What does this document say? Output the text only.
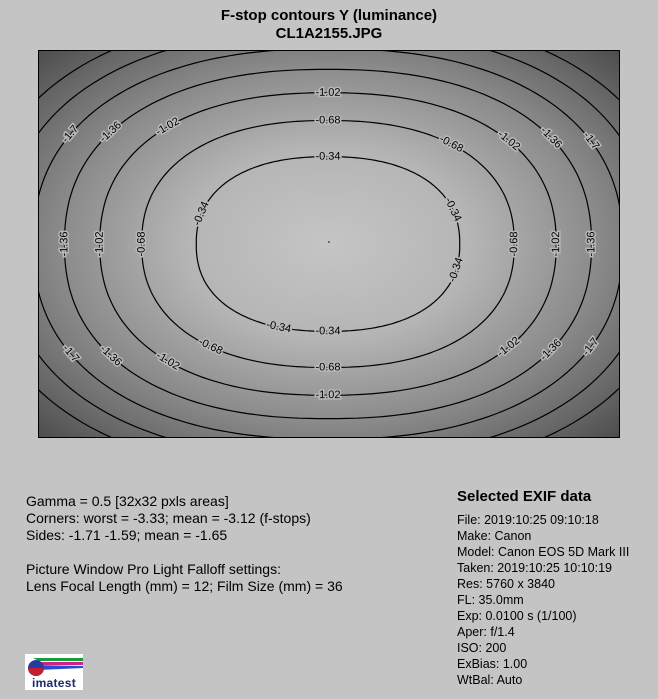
F-stop contours Y (luminance)
CL1A2155.JPG
-0.34
-0.34
-0.34
-0.34	-0.34
-0.34
-0.68
-0.68
-0.68
-0.68
-0.68
-0.68
-1.02
-1.02
-1.02
-1.02
-1.02
-1.02
-1.02
-1.02
-1.36	-1.36
-1.36
-1.36
-1.36
-1.36
-1.7
-1.7
-1.7
-1.7
Gamma = 0.5 [32x32 pxls areas]
Corners: worst = -3.33; mean = -3.12 (f-stops)
Sides: -1.71 -1.59; mean = -1.65
Picture Window Pro Light Falloff settings:
Lens Focal Length (mm) = 12; Film Size (mm) = 36
Selected EXIF data
File: 2019:10:25 09:10:18
Make: Canon
Model: Canon EOS 5D Mark III
Taken: 2019:10:25 10:10:19
Res: 5760 x 3840
FL: 35.0mm
Exp: 0.0100 s (1/100)
Aper: f/1.4
ISO: 200
ExBias: 1.00
WtBal: Auto
imatest
